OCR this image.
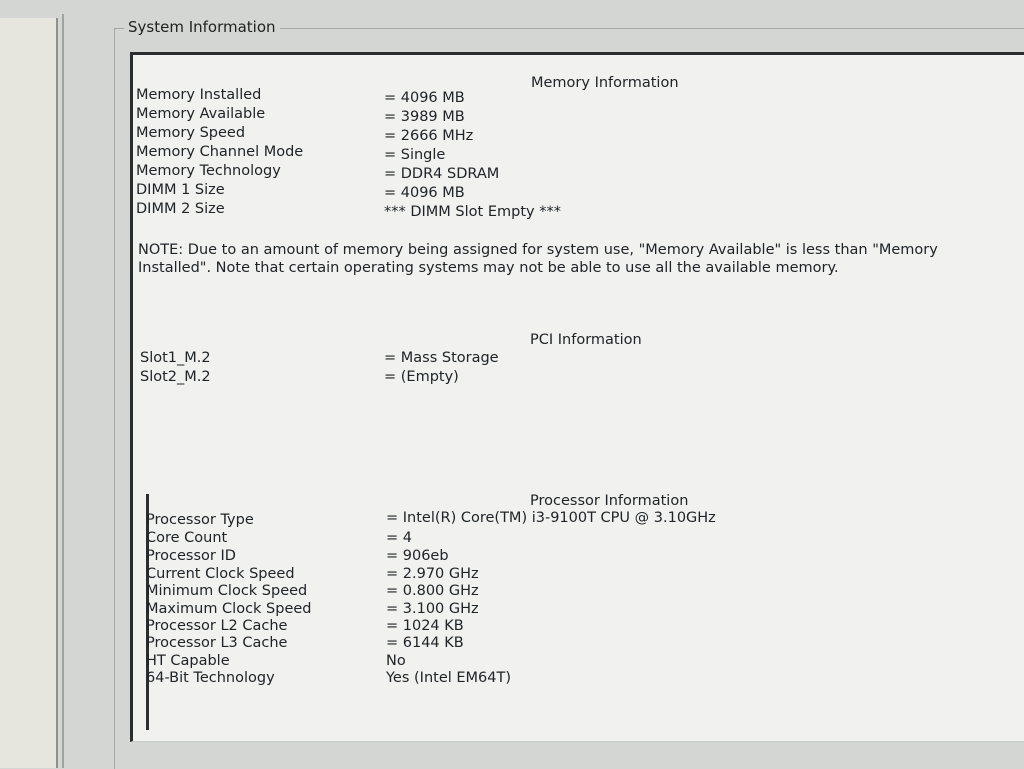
System Information
Memory Information
Memory Installed	= 4096 MB
Memory Available	= 3989 MB
Memory Speed	= 2666 MHz
Memory Channel Mode	= Single
Memory Technology	= DDR4 SDRAM
DIMM 1 Size	= 4096 MB
DIMM 2 Size	*** DIMM Slot Empty ***
NOTE: Due to an amount of memory being assigned for system use, "Memory Available" is less than "Memory Installed". Note that certain operating systems may not be able to use all the available memory.
PCI Information
Slot1_M.2	= Mass Storage
Slot2_M.2	= (Empty)
Processor Information
Processor Type	= Intel(R) Core(TM) i3-9100T CPU @ 3.10GHz
Core Count	= 4
Processor ID	= 906eb
Current Clock Speed	= 2.970 GHz
Minimum Clock Speed	= 0.800 GHz
Maximum Clock Speed	= 3.100 GHz
Processor L2 Cache	= 1024 KB
Processor L3 Cache	= 6144 KB
HT Capable	No
64-Bit Technology	Yes (Intel EM64T)
